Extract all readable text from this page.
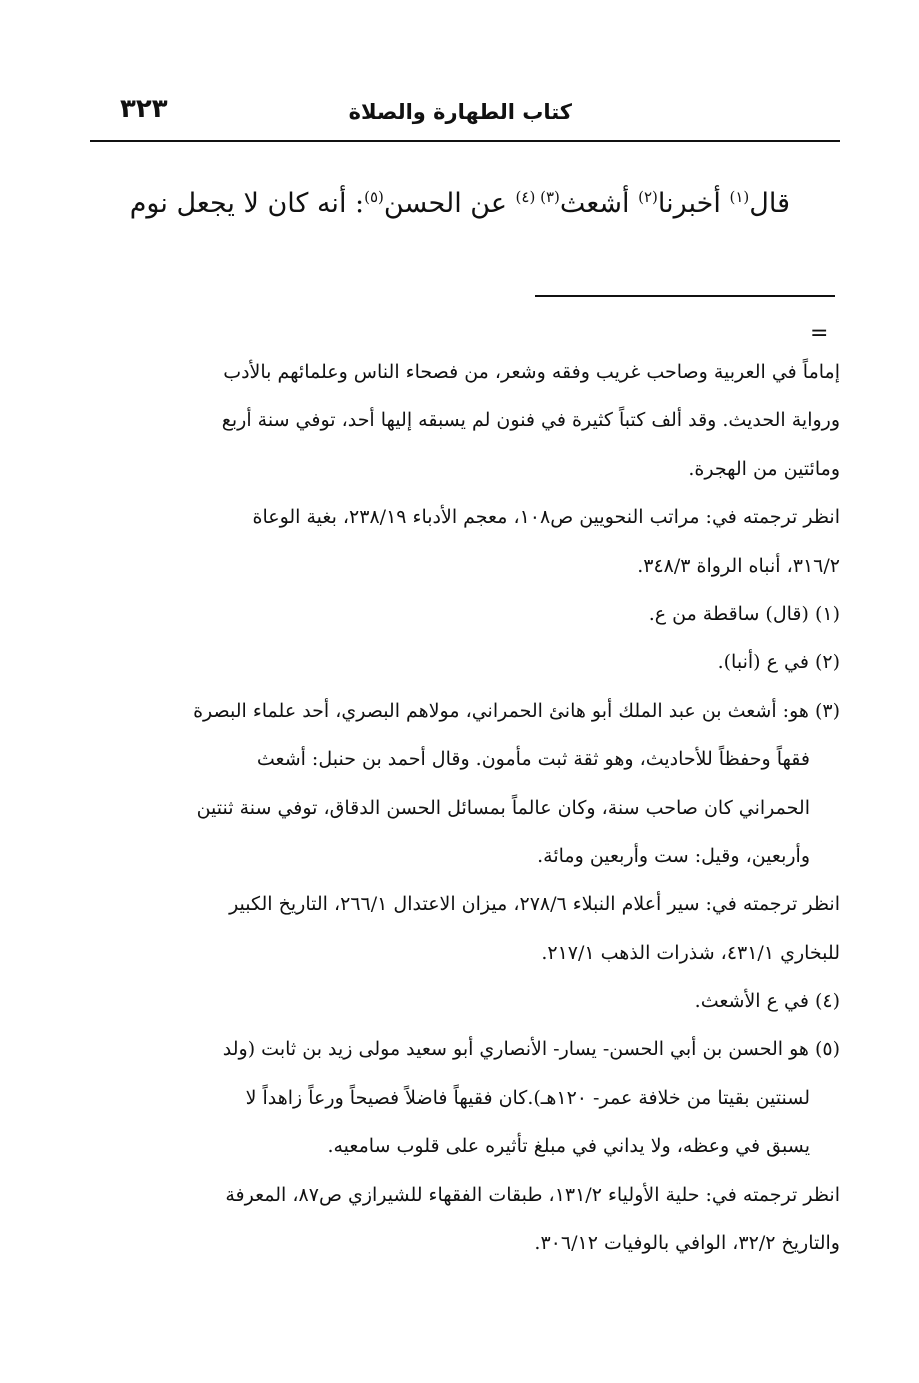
كتاب الطهارة والصلاة
٣٢٣
قال$^{(١)}$ أخبرنا$^{(٢)}$ أشعث$^{(٣)}$ $^{(٤)}$ عن الحسن$^{(٥)}$: أنه كان لا يجعل نوم
=
إماماً في العربية وصاحب غريب وفقه وشعر، من فصحاء الناس وعلمائهم بالأدب
ورواية الحديث. وقد ألف كتباً كثيرة في فنون لم يسبقه إليها أحد، توفي سنة أربع
ومائتين من الهجرة.
انظر ترجمته في: مراتب النحويين ص١٠٨، معجم الأدباء ٢٣٨/١٩، بغية الوعاة
٣١٦/٢، أنباه الرواة ٣٤٨/٣.
(١) (قال) ساقطة من ع.
(٢) في ع (أنبا).
(٣) هو: أشعث بن عبد الملك أبو هانئ الحمراني، مولاهم البصري، أحد علماء البصرة
فقهاً وحفظاً للأحاديث، وهو ثقة ثبت مأمون. وقال أحمد بن حنبل: أشعث
الحمراني كان صاحب سنة، وكان عالماً بمسائل الحسن الدقاق، توفي سنة ثنتين
وأربعين، وقيل: ست وأربعين ومائة.
انظر ترجمته في: سير أعلام النبلاء ٢٧٨/٦، ميزان الاعتدال ٢٦٦/١، التاريخ الكبير
للبخاري ٤٣١/١، شذرات الذهب ٢١٧/١.
(٤) في ع الأشعث.
(٥) هو الحسن بن أبي الحسن- يسار- الأنصاري أبو سعيد مولى زيد بن ثابت (ولد
لسنتين بقيتا من خلافة عمر- ١٢٠هـ).كان فقيهاً فاضلاً فصيحاً ورعاً زاهداً لا
يسبق في وعظه، ولا يداني في مبلغ تأثيره على قلوب سامعيه.
انظر ترجمته في: حلية الأولياء ١٣١/٢، طبقات الفقهاء للشيرازي ص٨٧، المعرفة
والتاريخ ٣٢/٢، الوافي بالوفيات ٣٠٦/١٢.
